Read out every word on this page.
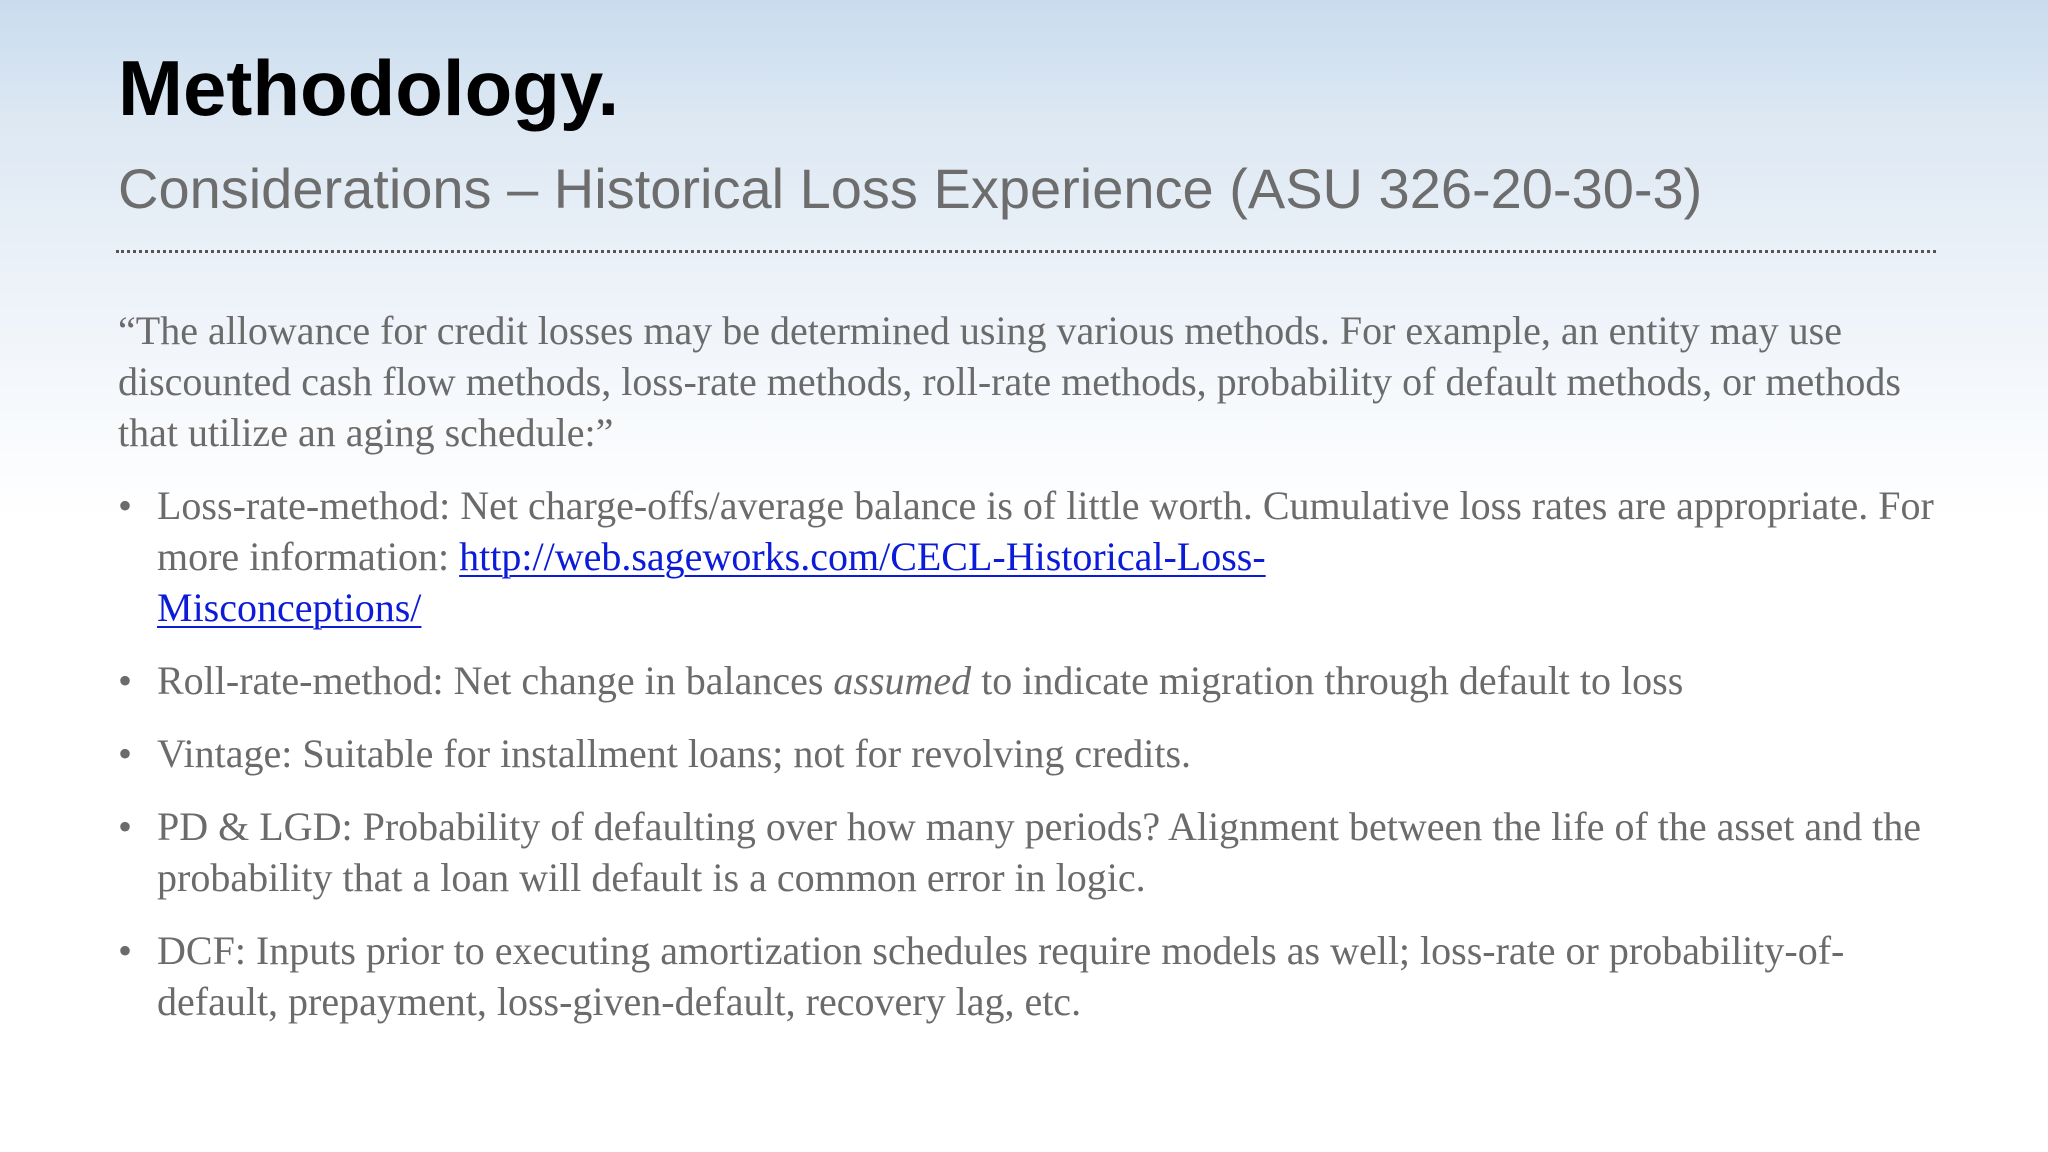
Methodology.
Considerations – Historical Loss Experience (ASU 326-20-30-3)

“The allowance for credit losses may be determined using various methods. For example, an entity may use discounted cash flow methods, loss-rate methods, roll-rate methods, probability of default methods, or methods that utilize an aging schedule:”

• Loss-rate-method: Net charge-offs/average balance is of little worth. Cumulative loss rates are appropriate. For more information: http://web.sageworks.com/CECL-Historical-Loss-
Misconceptions/
• Roll-rate-method: Net change in balances assumed to indicate migration through default to loss
• Vintage: Suitable for installment loans; not for revolving credits.
• PD & LGD: Probability of defaulting over how many periods? Alignment between the life of the asset and the probability that a loan will default is a common error in logic.
• DCF: Inputs prior to executing amortization schedules require models as well; loss-rate or probability-of-default, prepayment, loss-given-default, recovery lag, etc.
